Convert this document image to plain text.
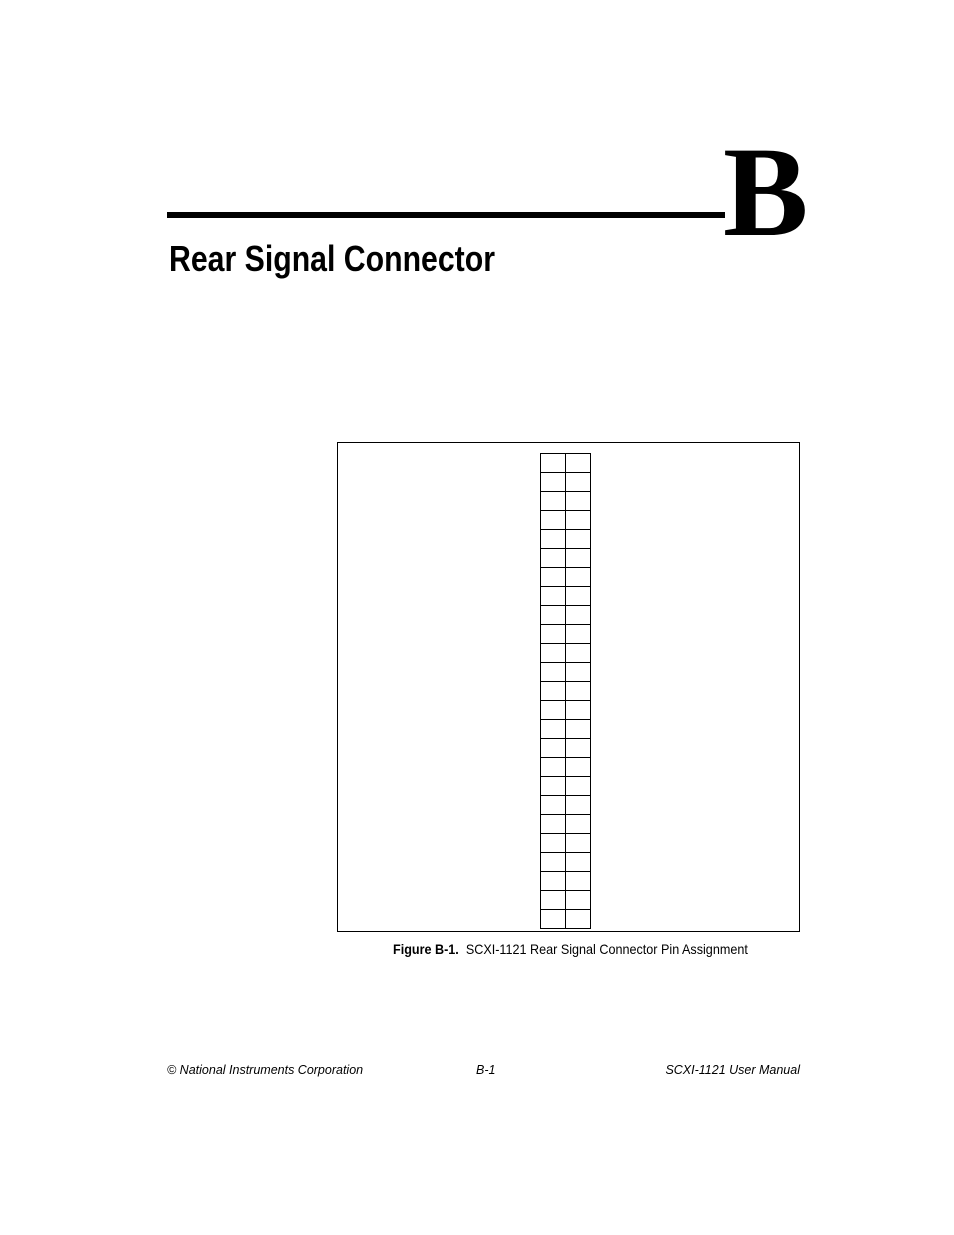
B
Rear Signal Connector

Figure B-1. SCXI-1121 Rear Signal Connector Pin Assignment
© National Instruments Corporation	B-1	SCXI-1121 User Manual
